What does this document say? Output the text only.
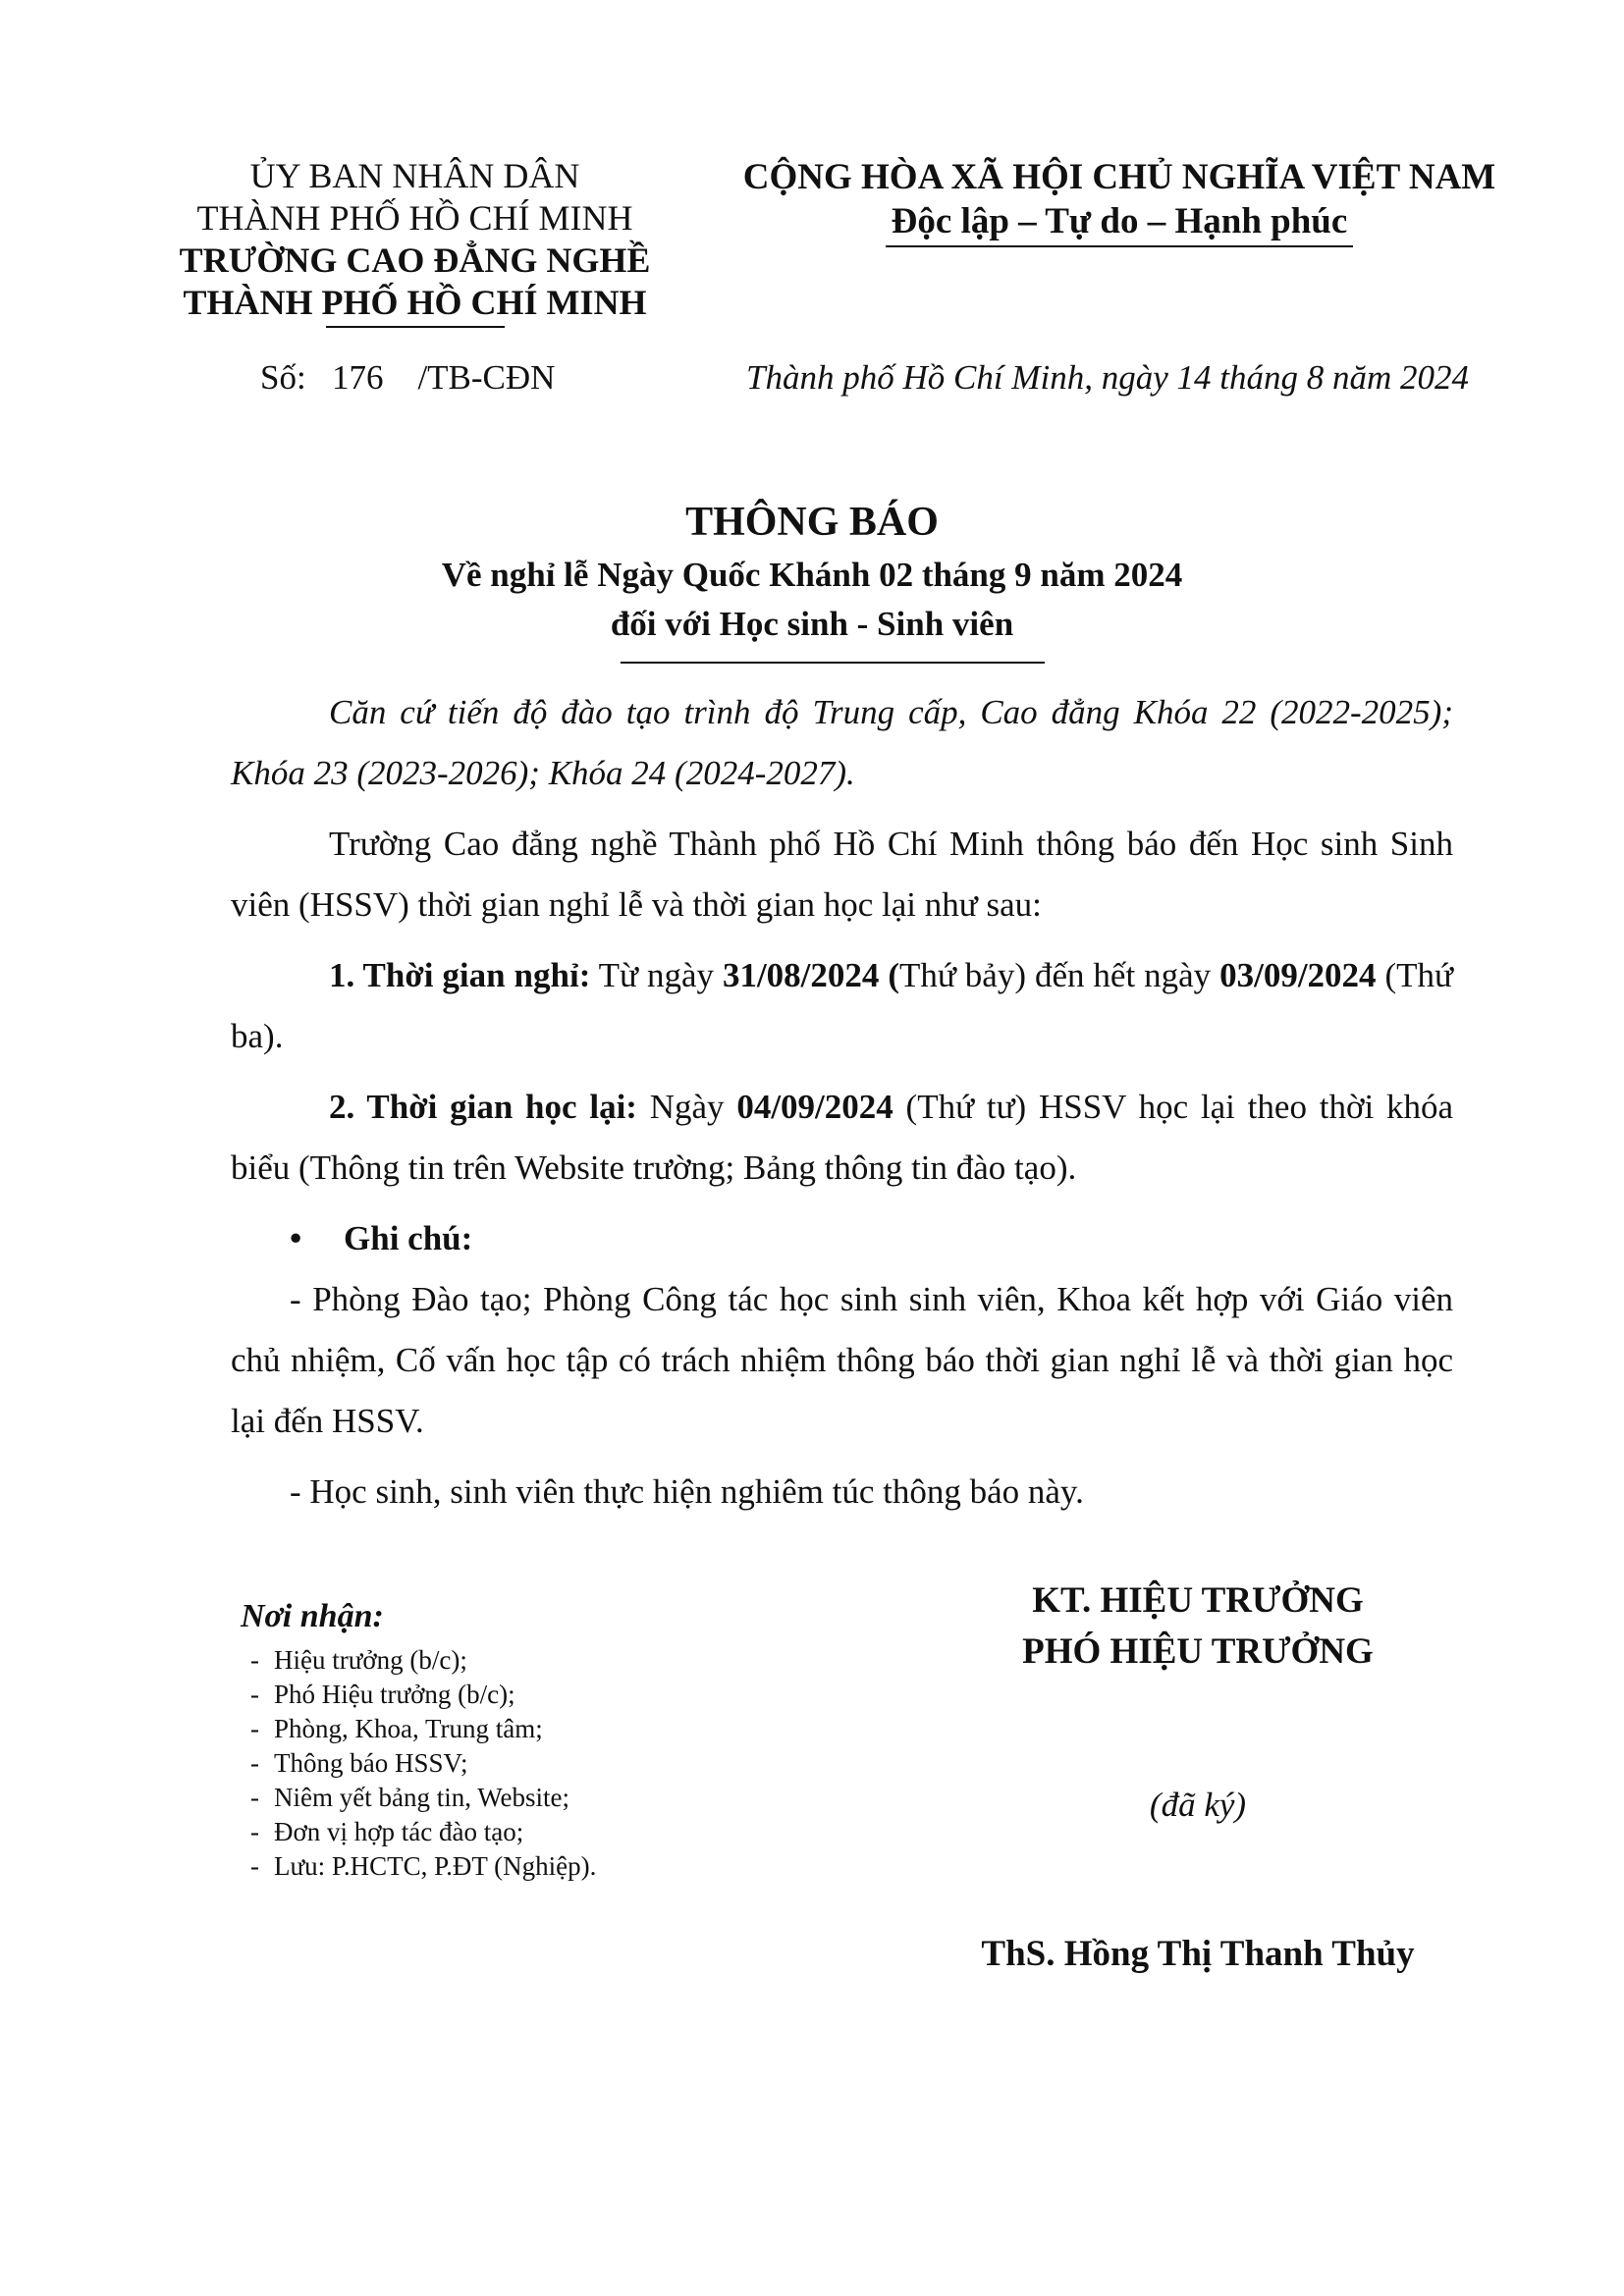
ỦY BAN NHÂN DÂN
THÀNH PHỐ HỒ CHÍ MINH
TRƯỜNG CAO ĐẲNG NGHỀ
THÀNH PHỐ HỒ CHÍ MINH
CỘNG HÒA XÃ HỘI CHỦ NGHĨA VIỆT NAM
Độc lập – Tự do – Hạnh phúc
Số:   176    /TB-CĐN	Thành phố Hồ Chí Minh, ngày 14 tháng 8 năm 2024
THÔNG BÁO
Về nghỉ lễ Ngày Quốc Khánh 02 tháng 9 năm 2024
đối với Học sinh - Sinh viên

Căn cứ tiến độ đào tạo trình độ Trung cấp, Cao đẳng Khóa 22 (2022-2025); Khóa 23 (2023-2026); Khóa 24 (2024-2027).

Trường Cao đẳng nghề Thành phố Hồ Chí Minh thông báo đến Học sinh Sinh viên (HSSV) thời gian nghỉ lễ và thời gian học lại như sau:

1. Thời gian nghỉ: Từ ngày 31/08/2024 (Thứ bảy) đến hết ngày 03/09/2024 (Thứ ba).

2. Thời gian học lại: Ngày 04/09/2024 (Thứ tư) HSSV học lại theo thời khóa biểu (Thông tin trên Website trường; Bảng thông tin đào tạo).

• Ghi chú:

- Phòng Đào tạo; Phòng Công tác học sinh sinh viên, Khoa kết hợp với Giáo viên chủ nhiệm, Cố vấn học tập có trách nhiệm thông báo thời gian nghỉ lễ và thời gian học lại đến HSSV.

- Học sinh, sinh viên thực hiện nghiêm túc thông báo này.

Nơi nhận:
- Hiệu trưởng (b/c);
- Phó Hiệu trưởng (b/c);
- Phòng, Khoa, Trung tâm;
- Thông báo HSSV;
- Niêm yết bảng tin, Website;
- Đơn vị hợp tác đào tạo;
- Lưu: P.HCTC, P.ĐT (Nghiệp).
KT. HIỆU TRƯỞNG
PHÓ HIỆU TRƯỞNG
(đã ký)
ThS. Hồng Thị Thanh Thủy
